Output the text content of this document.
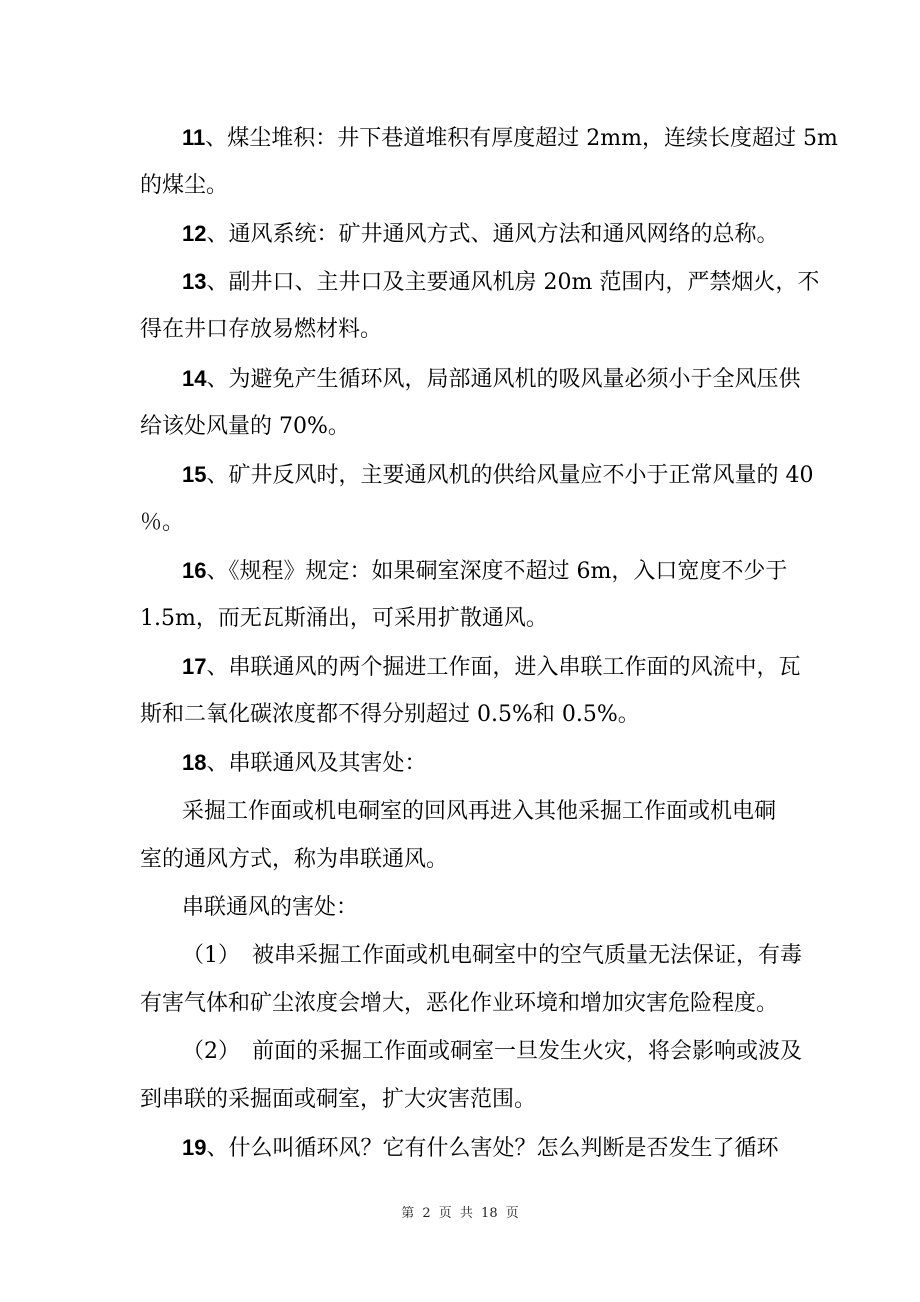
11、煤尘堆积：井下巷道堆积有厚度超过 2mm，连续长度超过 5m
的煤尘。
12、通风系统：矿井通风方式、通风方法和通风网络的总称。
13、副井口、主井口及主要通风机房 20m 范围内，严禁烟火，不
得在井口存放易燃材料。
14、为避免产生循环风，局部通风机的吸风量必须小于全风压供
给该处风量的 70%。
15、矿井反风时，主要通风机的供给风量应不小于正常风量的 40
％。
16、《规程》规定：如果硐室深度不超过 6m，入口宽度不少于
1.5m，而无瓦斯涌出，可采用扩散通风。
17、串联通风的两个掘进工作面，进入串联工作面的风流中，瓦
斯和二氧化碳浓度都不得分别超过 0.5%和 0.5%。
18、串联通风及其害处：
采掘工作面或机电硐室的回风再进入其他采掘工作面或机电硐
室的通风方式，称为串联通风。
串联通风的害处：
（1） 被串采掘工作面或机电硐室中的空气质量无法保证，有毒
有害气体和矿尘浓度会增大，恶化作业环境和增加灾害危险程度。
（2） 前面的采掘工作面或硐室一旦发生火灾，将会影响或波及
到串联的采掘面或硐室，扩大灾害范围。
19、什么叫循环风？它有什么害处？怎么判断是否发生了循环
第 2 页 共 18 页
